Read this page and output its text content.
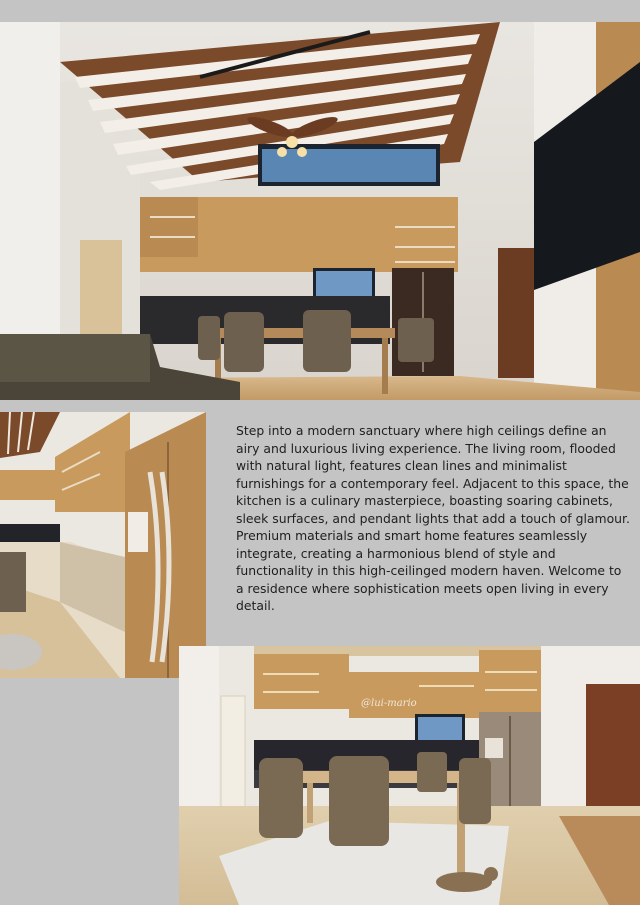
Step into a modern sanctuary where high ceilings define an airy and luxurious living experience. The living room, flooded with natural light, features clean lines and minimalist furnishings for a contemporary feel. Adjacent to this space, the kitchen is a culinary masterpiece, boasting soaring cabinets, sleek surfaces, and pendant lights that add a touch of glamour. Premium materials and smart home features seamlessly integrate, creating a harmonious blend of style and functionality in this high-ceilinged modern haven. Welcome to a residence where sophistication meets open living in every detail.

@lui-mario
